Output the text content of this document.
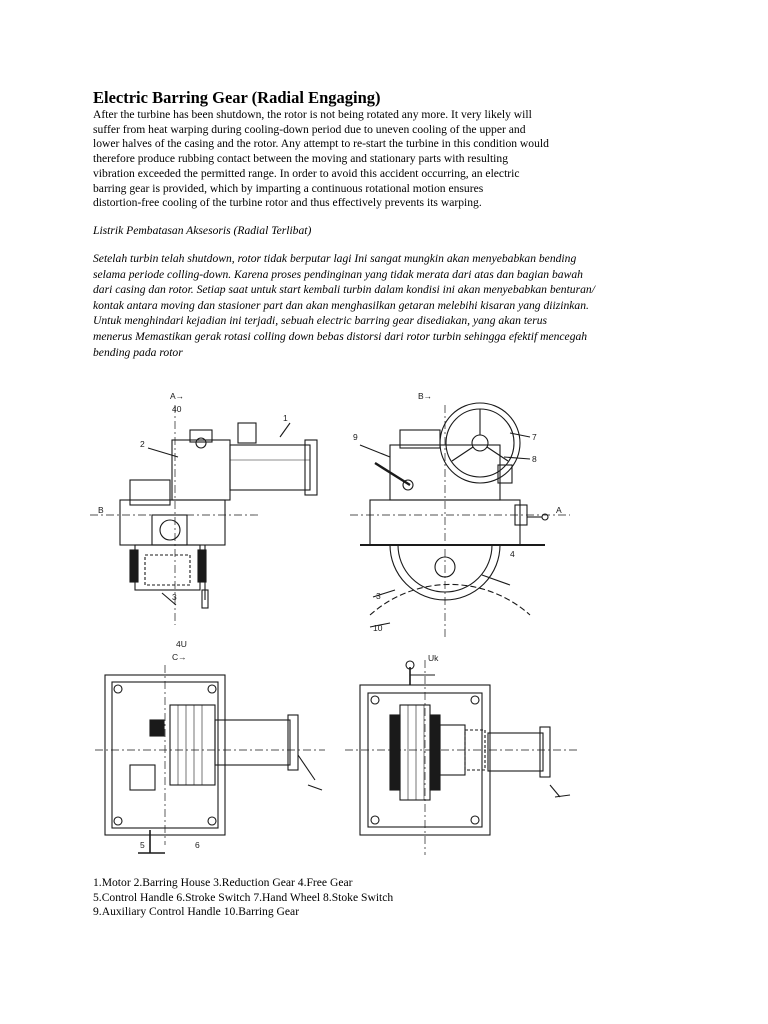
Electric Barring Gear (Radial Engaging)

After the turbine has been shutdown, the rotor is not being rotated any more. It very likely will
suffer from heat warping during cooling-down period due to uneven cooling of the upper and
lower halves of the casing and the rotor. Any attempt to re-start the turbine in this condition would
therefore produce rubbing contact between the moving and stationary parts with resulting
vibration exceeded the permitted range. In order to avoid this accident occurring, an electric
barring gear is provided, which by imparting a continuous rotational motion ensures
distortion-free cooling of the turbine rotor and thus effectively prevents its warping.

Listrik Pembatasan Aksesoris (Radial Terlibat)

Setelah turbin telah shutdown, rotor tidak berputar lagi Ini sangat mungkin akan menyebabkan bending
selama periode colling-down. Karena proses pendinginan yang tidak merata dari atas dan bagian bawah
dari casing dan rotor. Setiap saat untuk start kembali turbin dalam kondisi ini akan menyebabkan benturan/
kontak antara moving dan stasioner part dan akan menghasilkan getaran melebihi kisaran yang diizinkan.
Untuk menghindari kejadian ini terjadi, sebuah electric barring gear disediakan, yang akan terus
menerus Memastikan gerak rotasi colling down bebas distorsi dari rotor turbin sehingga efektif mencegah
bending pada rotor

A→
40
B→
4U
C→	Uk
1
2
3
9	7
8
4
3
10
5	6
B	A

1.Motor 2.Barring House 3.Reduction Gear 4.Free Gear
5.Control Handle 6.Stroke Switch 7.Hand Wheel 8.Stoke Switch
9.Auxiliary Control Handle 10.Barring Gear
